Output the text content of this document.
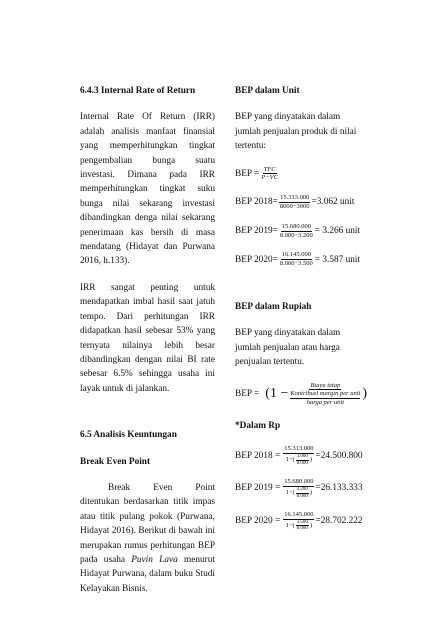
6.4.3 Internal Rate of Return

Internal Rate Of Return (IRR) adalah analisis manfaat finansial yang memperhitungkan tingkat pengembalian bunga suatu investasi. Dimana pada IRR memperhitungkan tingkat suku bunga nilai sekarang investasi dibandingkan denga nilai sekarang penerimaan kas bersih di masa mendatang (Hidayat dan Purwana 2016, h.133).

IRR sangat penting untuk mendapatkan imbal hasil saat jatuh tempo. Dari perhitungan IRR didapatkan hasil sebesar 53% yang ternyata nilainya lebih besar dibandingkan dengan nilai BI rate sebesar 6.5% sehingga usaha ini layak untuk di jalankan.

6.5 Analisis Keuntungan
Break Even Point

Break Even Point ditentukan berdasarkan titik impas atau titik pulang pokok (Purwana, Hidayat 2016). Berikut di bawah ini merupakan rumus perhitungan BEP pada usaha Puvin Lava menurut Hidayat Purwana, dalam buku Studi Kelayakan Bisnis.

BEP dalam Unit

BEP yang dinyatakan dalam jumlah penjualan produk di nilai tertentu:

BEP = $\frac{\text{TFC}}{P-VC}$
BEP $2018= \frac{15.313.000}{8000-3000} =3.062$ unit
BEP $2019= \frac{15.680.000}{8.000-3.200} = 3.266$ unit
BEP $2020= \frac{16.145.000}{8.000-3.500} = 3.587$ unit
BEP dalam Rupiah

BEP yang dinyatakan dalam jumlah penjualan atau harga penjualan tertentu.

BEP = (1 − Biaya tetap
Kontribusi margin per unit
harga per unit )
*Dalam Rp
BEP $2018 = \frac{15.313.000}{1-( \frac{3.000}{8.000} )} =24.500.800$
BEP $2019 = \frac{15.680.000}{1-( \frac{3.200}{8.000} )} =26.133.333$
BEP $2020 = \frac{16.145.000}{1-( \frac{3.500}{8.000} )} =28.702.222$
